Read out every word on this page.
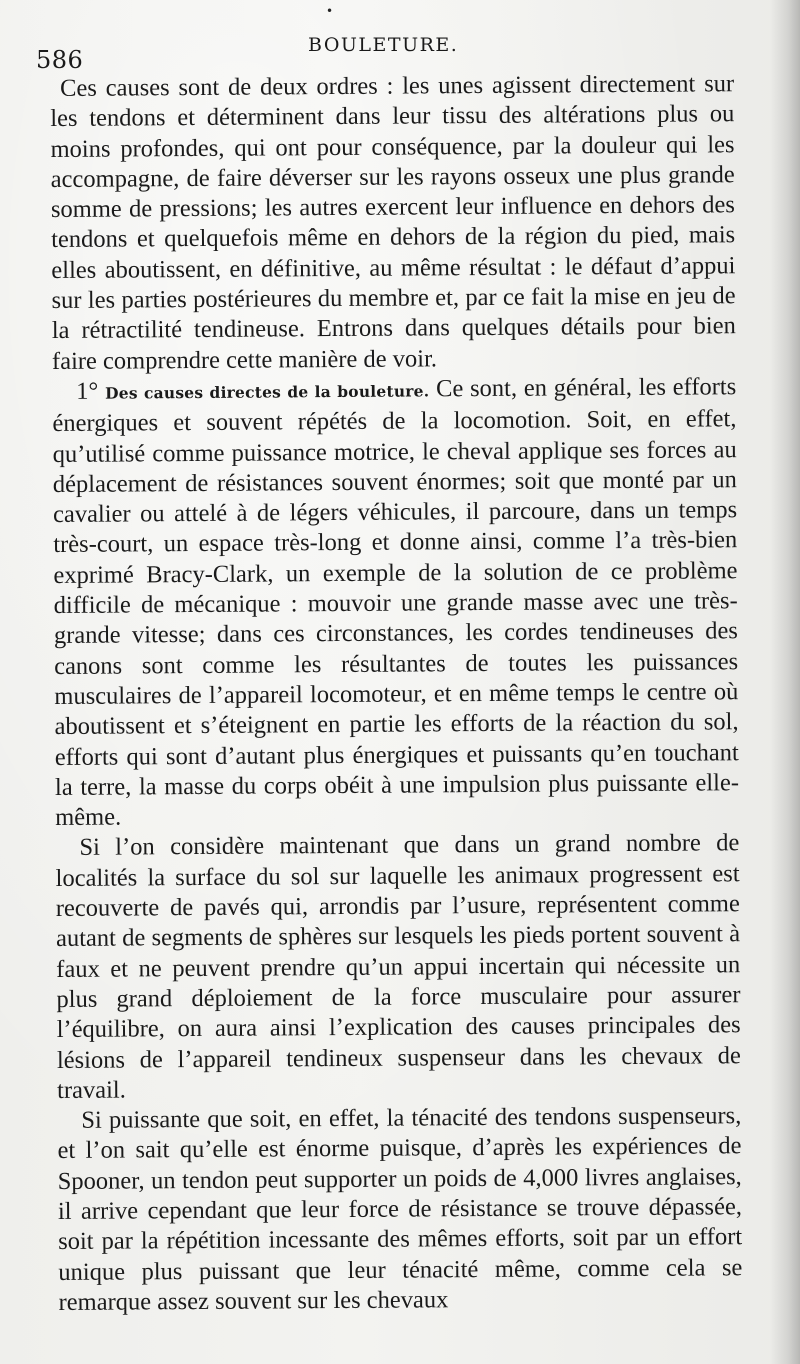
•
586
BOULETURE.

Ces causes sont de deux ordres : les unes agissent directement sur les tendons et déterminent dans leur tissu des altérations plus ou moins profondes, qui ont pour conséquence, par la douleur qui les accompagne, de faire déverser sur les rayons osseux une plus grande somme de pressions; les autres exercent leur influence en dehors des tendons et quelquefois même en dehors de la région du pied, mais elles aboutissent, en définitive, au même résultat : le défaut d’appui sur les parties postérieures du membre et, par ce fait la mise en jeu de la rétractilité tendineuse. Entrons dans quelques détails pour bien faire comprendre cette manière de voir.

1° Des causes directes de la bouleture. Ce sont, en général, les efforts énergiques et souvent répétés de la locomotion. Soit, en effet, qu’utilisé comme puissance motrice, le cheval applique ses forces au déplacement de résistances souvent énormes; soit que monté par un cavalier ou attelé à de légers véhicules, il parcoure, dans un temps très-court, un espace très-long et donne ainsi, comme l’a très-bien exprimé Bracy-Clark, un exemple de la solution de ce problème difficile de mécanique : mouvoir une grande masse avec une très-grande vitesse; dans ces circonstances, les cordes tendineuses des canons sont comme les résultantes de toutes les puissances musculaires de l’appareil locomoteur, et en même temps le centre où aboutissent et s’éteignent en partie les efforts de la réaction du sol, efforts qui sont d’autant plus énergiques et puissants qu’en touchant la terre, la masse du corps obéit à une impulsion plus puissante elle-même.

Si l’on considère maintenant que dans un grand nombre de localités la surface du sol sur laquelle les animaux progressent est recouverte de pavés qui, arrondis par l’usure, représentent comme autant de segments de sphères sur lesquels les pieds portent souvent à faux et ne peuvent prendre qu’un appui incertain qui nécessite un plus grand déploiement de la force musculaire pour assurer l’équilibre, on aura ainsi l’explication des causes principales des lésions de l’appareil tendineux suspenseur dans les chevaux de travail.

Si puissante que soit, en effet, la ténacité des tendons suspenseurs, et l’on sait qu’elle est énorme puisque, d’après les expériences de Spooner, un tendon peut supporter un poids de 4,000 livres anglaises, il arrive cependant que leur force de résistance se trouve dépassée, soit par la répétition incessante des mêmes efforts, soit par un effort unique plus puissant que leur ténacité même, comme cela se remarque assez souvent sur les chevaux
